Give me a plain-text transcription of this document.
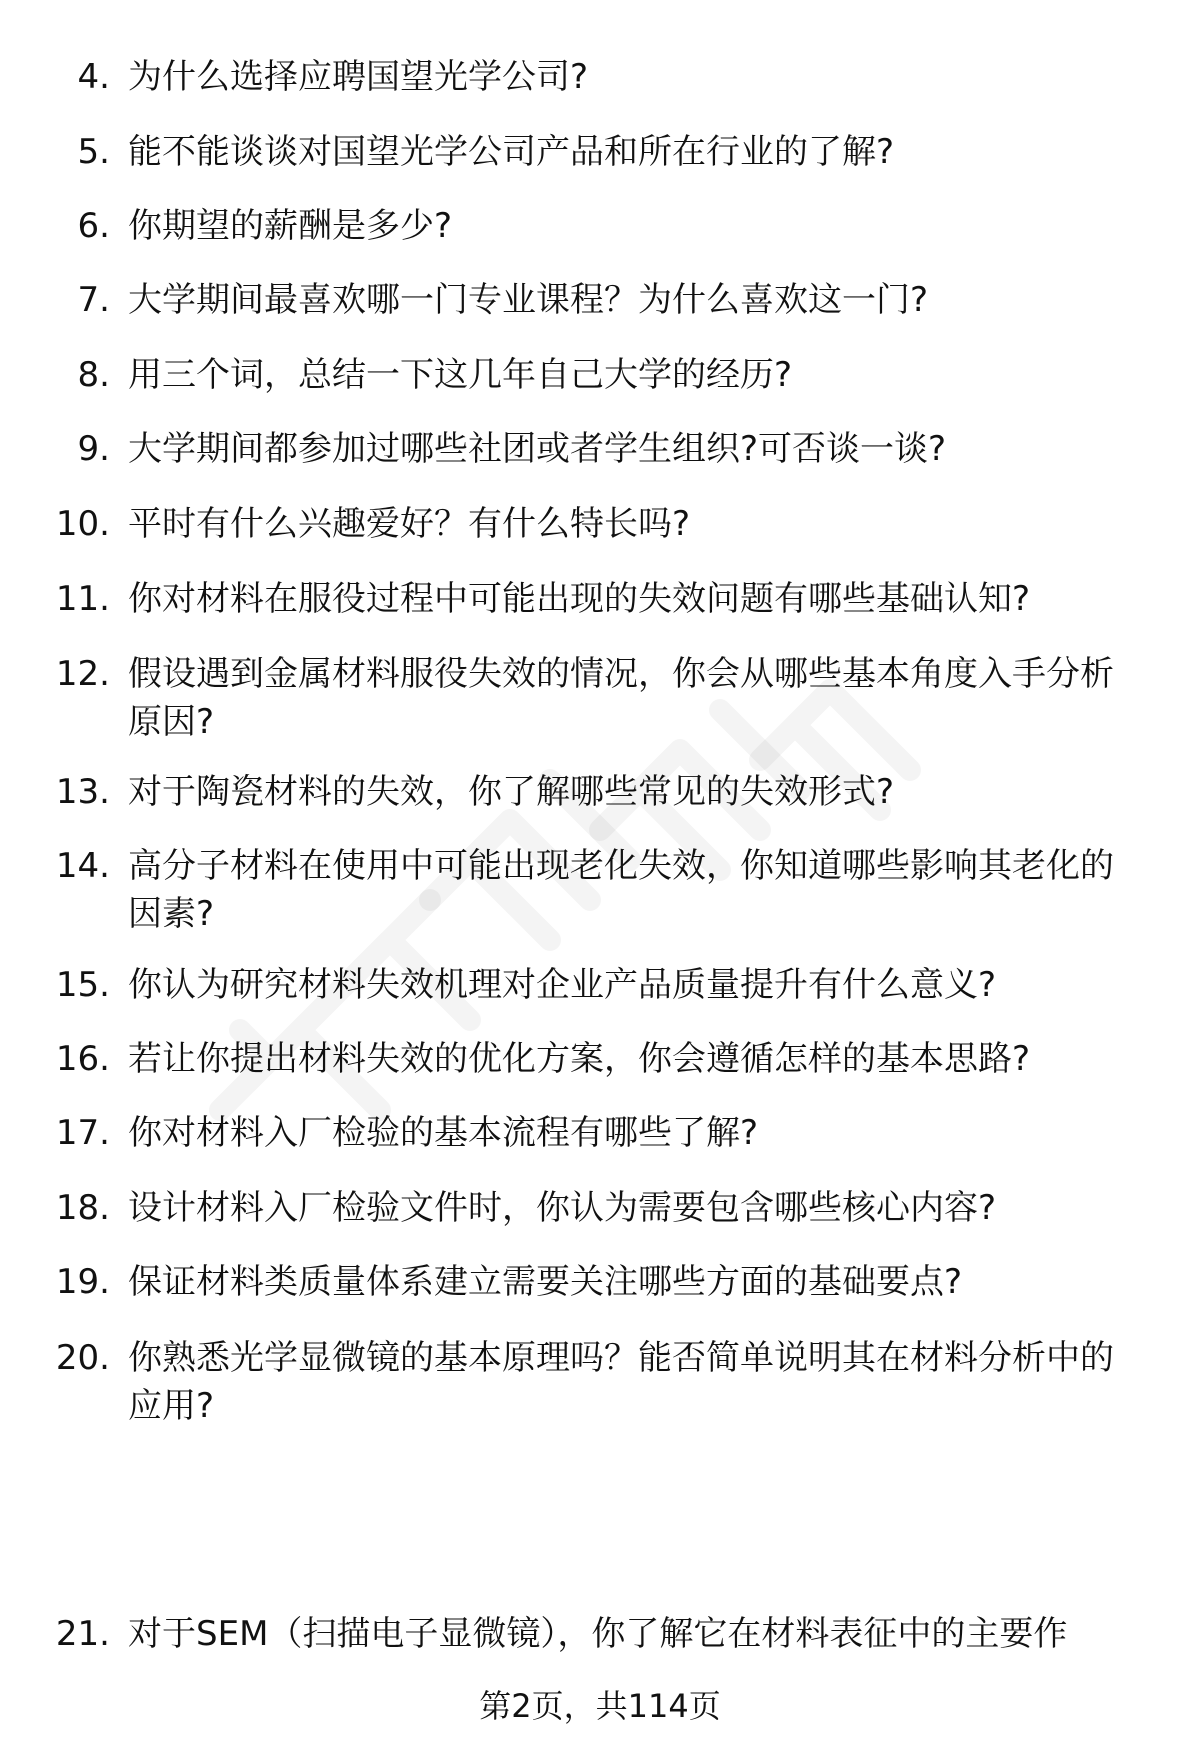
4. 为什么选择应聘国望光学公司?
5. 能不能谈谈对国望光学公司产品和所在行业的了解?
6. 你期望的薪酬是多少?
7. 大学期间最喜欢哪一门专业课程？为什么喜欢这一门?
8. 用三个词，总结一下这几年自己大学的经历?
9. 大学期间都参加过哪些社团或者学生组织?可否谈一谈?
10. 平时有什么兴趣爱好？有什么特长吗?
11. 你对材料在服役过程中可能出现的失效问题有哪些基础认知?
12. 假设遇到金属材料服役失效的情况，你会从哪些基本角度入手分析原因?
13. 对于陶瓷材料的失效，你了解哪些常见的失效形式?
14. 高分子材料在使用中可能出现老化失效，你知道哪些影响其老化的因素?
15. 你认为研究材料失效机理对企业产品质量提升有什么意义?
16. 若让你提出材料失效的优化方案，你会遵循怎样的基本思路?
17. 你对材料入厂检验的基本流程有哪些了解?
18. 设计材料入厂检验文件时，你认为需要包含哪些核心内容?
19. 保证材料类质量体系建立需要关注哪些方面的基础要点?
20. 你熟悉光学显微镜的基本原理吗？能否简单说明其在材料分析中的应用?
21. 对于SEM（扫描电子显微镜），你了解它在材料表征中的主要作
第2页，共114页
